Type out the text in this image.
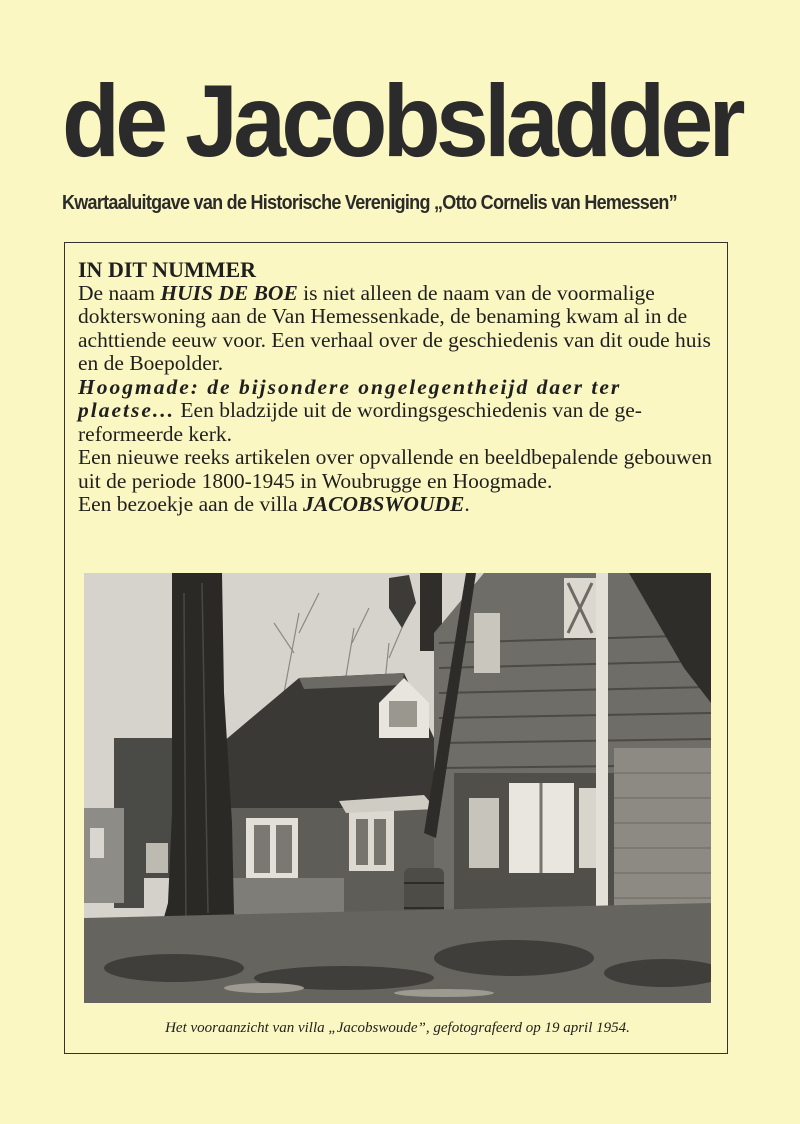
de Jacobsladder
Kwartaaluitgave van de Historische Vereniging „Otto Cornelis van Hemessen”

IN DIT NUMMER

De naam HUIS DE BOE is niet alleen de naam van de voormalige dokterswoning aan de Van Hemessenkade, de benaming kwam al in de achttiende eeuw voor. Een verhaal over de geschiedenis van dit oude huis en de Boepolder.

Hoogmade: de bijsondere ongelegentheijd daer ter plaetse... Een bladzijde uit de wordingsgeschiedenis van de gereformeerde kerk.

Een nieuwe reeks artikelen over opvallende en beeldbepalende gebouwen uit de periode 1800-1945 in Woubrugge en Hoogmade.

Een bezoekje aan de villa JACOBSWOUDE.

Het vooraanzicht van villa „Jacobswoude”, gefotografeerd op 19 april 1954.
